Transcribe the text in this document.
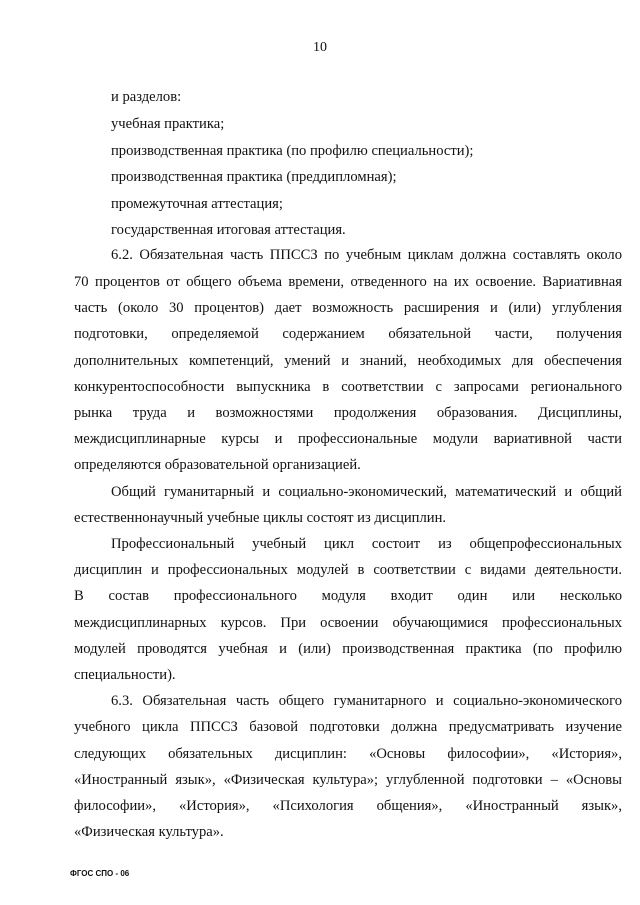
10
и разделов:
учебная практика;
производственная практика (по профилю специальности);
производственная практика (преддипломная);
промежуточная аттестация;
государственная итоговая аттестация.
6.2. Обязательная часть ППССЗ по учебным циклам должна составлять около
70 процентов от общего объема времени, отведенного на их освоение. Вариативная
часть (около 30 процентов) дает возможность расширения и (или) углубления
подготовки, определяемой содержанием обязательной части, получения
дополнительных компетенций, умений и знаний, необходимых для обеспечения
конкурентоспособности выпускника в соответствии с запросами регионального
рынка труда и возможностями продолжения образования. Дисциплины,
междисциплинарные курсы и профессиональные модули вариативной части
определяются образовательной организацией.
Общий гуманитарный и социально-экономический, математический и общий
естественнонаучный учебные циклы состоят из дисциплин.
Профессиональный учебный цикл состоит из общепрофессиональных
дисциплин и профессиональных модулей в соответствии с видами деятельности.
В состав профессионального модуля входит один или несколько
междисциплинарных курсов. При освоении обучающимися профессиональных
модулей проводятся учебная и (или) производственная практика (по профилю
специальности).
6.3. Обязательная часть общего гуманитарного и социально-экономического
учебного цикла ППССЗ базовой подготовки должна предусматривать изучение
следующих обязательных дисциплин: «Основы философии», «История»,
«Иностранный язык», «Физическая культура»; углубленной подготовки – «Основы
философии», «История», «Психология общения», «Иностранный язык»,
«Физическая культура».
ФГОС СПО - 06
